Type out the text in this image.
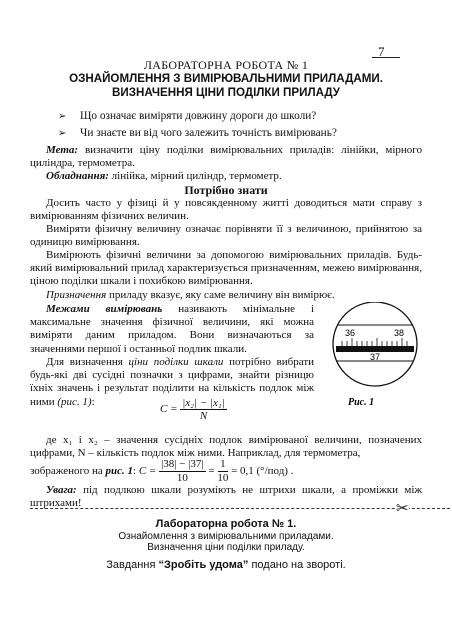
7
ЛАБОРАТОРНА РОБОТА № 1
ОЗНАЙОМЛЕННЯ З ВИМІРЮВАЛЬНИМИ ПРИЛАДАМИ.
ВИЗНАЧЕННЯ ЦІНИ ПОДІЛКИ ПРИЛАДУ
➢	Що означає виміряти довжину дороги до школи?
➢	Чи знаєте ви від чого залежить точність вимірювань?
Мета: визначити ціну поділки вимірювальних приладів: лінійки, мірного циліндра, термометра.
Обладнання: лінійка, мірний циліндр, термометр.
Потрібно знати
Досить часто у фізиці й у повсякденному житті доводиться мати справу з вимірюванням фізичних величин.
Виміряти фізичну величину означає порівняти її з величиною, прийнятою за одиницю вимірювання.
Вимірюють фізичні величини за допомогою вимірювальних приладів. Будь-який вимірювальний прилад характеризується призначенням, межею вимірювання, ціною поділки шкали і похибкою вимірювання.
Призначення приладу вказує, яку саме величину він вимірює.
Межами вимірювань називають мінімальне і максимальне значення фізичної величини, які можна виміряти даним приладом. Вони визначаються за значеннями першої і останньої подлик шкали.
Для визначення ціни поділки шкали потрібно вибрати будь-які дві сусідні позначки з цифрами, знайти різницю їхніх значень і результат поділити на кількість подлок між ними (рис. 1):
36	38
37
Рис. 1
$C = \frac{\text{|x₂| − |x₁|}}{N}$
де x₁ і x₂ – значення сусідніх подлок вимірюваної величини, позначених цифрами, N – кількість подлок між ними. Наприклад, для термометра,
зображеного на рис. 1: $C = \frac{|38| - |37|}{10} = \frac{1}{10} = 0,1$ (°/под) .
Увага: під подлкою шкали розуміють не штрихи шкали, а проміжки між штрихами!	✂
Лабораторна робота № 1.
Ознайомлення з вимірювальними приладами.
Визначення ціни поділки приладу.
Завдання “Зробіть удома” подано на звороті.
